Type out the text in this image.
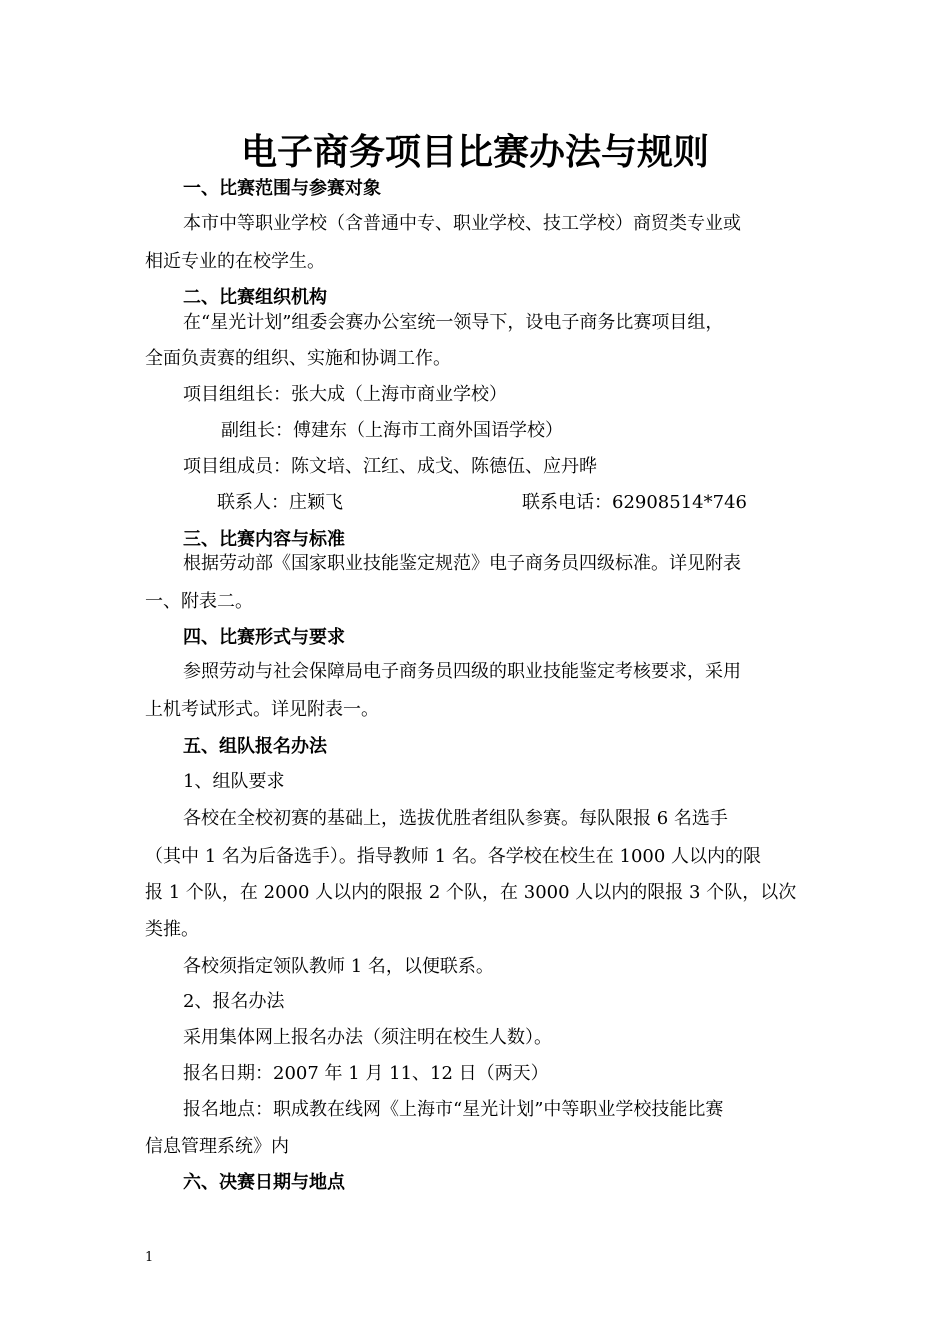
电子商务项目比赛办法与规则
一、比赛范围与参赛对象
本市中等职业学校（含普通中专、职业学校、技工学校）商贸类专业或
相近专业的在校学生。
二、比赛组织机构
在“星光计划”组委会赛办公室统一领导下，设电子商务比赛项目组，
全面负责赛的组织、实施和协调工作。
项目组组长：张大成（上海市商业学校）
副组长：傅建东（上海市工商外国语学校）
项目组成员：陈文培、江红、成戈、陈德伍、应丹晔
联系人：庄颖飞	联系电话：62908514*746
三、比赛内容与标准
根据劳动部《国家职业技能鉴定规范》电子商务员四级标准。详见附表
一、附表二。
四、比赛形式与要求
参照劳动与社会保障局电子商务员四级的职业技能鉴定考核要求，采用
上机考试形式。详见附表一。
五、组队报名办法
1、组队要求
各校在全校初赛的基础上，选拔优胜者组队参赛。每队限报 6 名选手
（其中 1 名为后备选手）。指导教师 1 名。各学校在校生在 1000 人以内的限
报 1 个队，在 2000 人以内的限报 2 个队，在 3000 人以内的限报 3 个队，以次
类推。
各校须指定领队教师 1 名，以便联系。
2、报名办法
采用集体网上报名办法（须注明在校生人数）。
报名日期：2007 年 1 月 11、12 日（两天）
报名地点：职成教在线网《上海市“星光计划”中等职业学校技能比赛
信息管理系统》内
六、决赛日期与地点
1
